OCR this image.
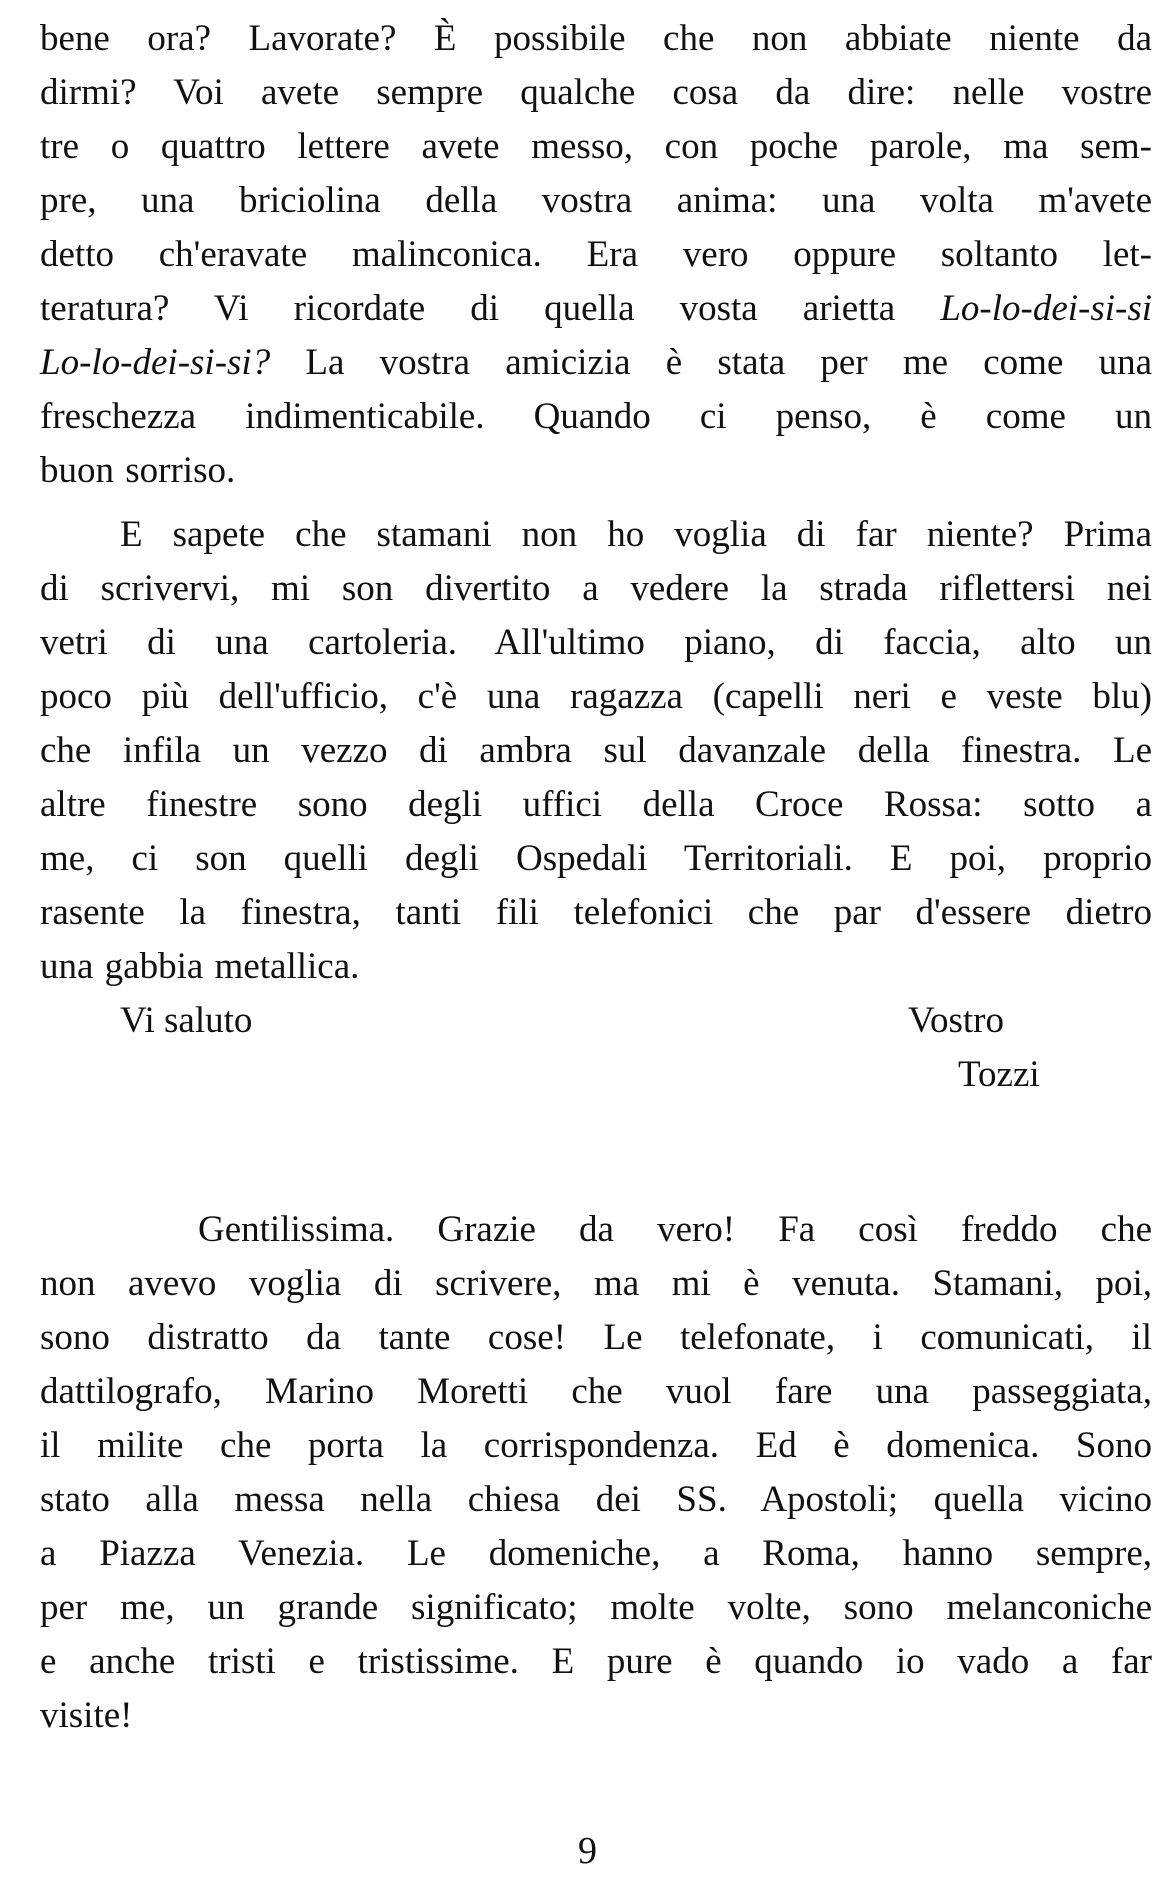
bene ora? Lavorate? È possibile che non abbiate niente da
dirmi? Voi avete sempre qualche cosa da dire: nelle vostre
tre o quattro lettere avete messo, con poche parole, ma sem-
pre, una briciolina della vostra anima: una volta m'avete
detto ch'eravate malinconica. Era vero oppure soltanto let-
teratura? Vi ricordate di quella vosta arietta Lo-lo-dei-si-si
Lo-lo-dei-si-si? La vostra amicizia è stata per me come una
freschezza indimenticabile. Quando ci penso, è come un
buon sorriso.
E sapete che stamani non ho voglia di far niente? Prima
di scrivervi, mi son divertito a vedere la strada riflettersi nei
vetri di una cartoleria. All'ultimo piano, di faccia, alto un
poco più dell'ufficio, c'è una ragazza (capelli neri e veste blu)
che infila un vezzo di ambra sul davanzale della finestra. Le
altre finestre sono degli uffici della Croce Rossa: sotto a
me, ci son quelli degli Ospedali Territoriali. E poi, proprio
rasente la finestra, tanti fili telefonici che par d'essere dietro
una gabbia metallica.
Vi saluto	Vostro
Tozzi
Gentilissima. Grazie da vero! Fa così freddo che
non avevo voglia di scrivere, ma mi è venuta. Stamani, poi,
sono distratto da tante cose! Le telefonate, i comunicati, il
dattilografo, Marino Moretti che vuol fare una passeggiata,
il milite che porta la corrispondenza. Ed è domenica. Sono
stato alla messa nella chiesa dei SS. Apostoli; quella vicino
a Piazza Venezia. Le domeniche, a Roma, hanno sempre,
per me, un grande significato; molte volte, sono melanconiche
e anche tristi e tristissime. E pure è quando io vado a far
visite!
9
